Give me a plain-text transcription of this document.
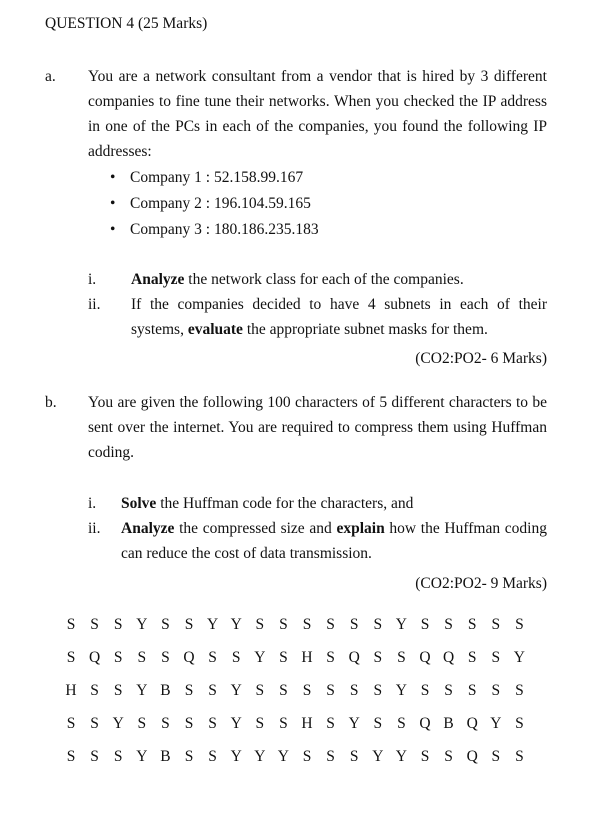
QUESTION 4 (25 Marks)
a. You are a network consultant from a vendor that is hired by 3 different companies to fine tune their networks. When you checked the IP address in one of the PCs in each of the companies, you found the following IP addresses:
• Company 1 : 52.158.99.167
• Company 2 : 196.104.59.165
• Company 3 : 180.186.235.183
i. Analyze the network class for each of the companies.
ii. If the companies decided to have 4 subnets in each of their systems, evaluate the appropriate subnet masks for them.
(CO2:PO2- 6 Marks)
b. You are given the following 100 characters of 5 different characters to be sent over the internet. You are required to compress them using Huffman coding.
i. Solve the Huffman code for the characters, and
ii. Analyze the compressed size and explain how the Huffman coding can reduce the cost of data transmission.
(CO2:PO2- 9 Marks)
S S S Y S S Y Y S S S S S S Y S S S S S
S Q S S S Q S S Y S H S Q S S Q Q S S Y
H S S Y B S S Y S S S S S S Y S S S S S
S S Y S S S S Y S S H S Y S S Q B Q Y S
S S S Y B S S Y Y Y S S S Y Y S S Q S S
